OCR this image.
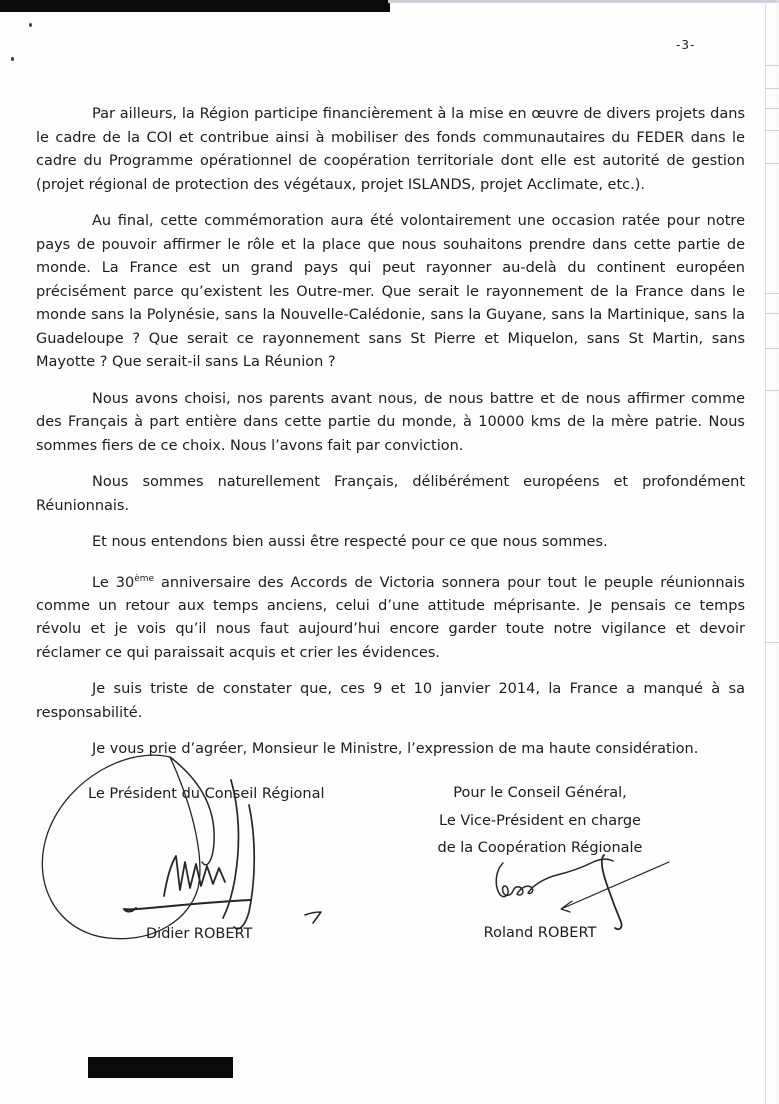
-3-

Par ailleurs, la Région participe financièrement à la mise en œuvre de divers projets dans le cadre de la COI et contribue ainsi à mobiliser des fonds communautaires du FEDER dans le cadre du Programme opérationnel de coopération territoriale dont elle est autorité de gestion (projet régional de protection des végétaux, projet ISLANDS, projet Acclimate, etc.).

Au final, cette commémoration aura été volontairement une occasion ratée pour notre pays de pouvoir affirmer le rôle et la place que nous souhaitons prendre dans cette partie de monde. La France est un grand pays qui peut rayonner au-delà du continent européen précisément parce qu’existent les Outre-mer. Que serait le rayonnement de la France dans le monde sans la Polynésie, sans la Nouvelle-Calédonie, sans la Guyane, sans la Martinique, sans la Guadeloupe ? Que serait ce rayonnement sans St Pierre et Miquelon, sans St Martin, sans Mayotte ? Que serait-il sans La Réunion ?

Nous avons choisi, nos parents avant nous, de nous battre et de nous affirmer comme des Français à part entière dans cette partie du monde, à 10000 kms de la mère patrie. Nous sommes fiers de ce choix. Nous l’avons fait par conviction.

Nous sommes naturellement Français, délibérément européens et profondément Réunionnais.

Et nous entendons bien aussi être respecté pour ce que nous sommes.

Le 30ème anniversaire des Accords de Victoria sonnera pour tout le peuple réunionnais comme un retour aux temps anciens, celui d’une attitude méprisante. Je pensais ce temps révolu et je vois qu’il nous faut aujourd’hui encore garder toute notre vigilance et devoir réclamer ce qui paraissait acquis et crier les évidences.

Je suis triste de constater que, ces 9 et 10 janvier 2014, la France a manqué à sa responsabilité.

Je vous prie d’agréer, Monsieur le Ministre, l’expression de ma haute considération.

Le Président du Conseil Régional
Didier ROBERT
Pour le Conseil Général,
Le Vice-Président en charge
de la Coopération Régionale
Roland ROBERT
